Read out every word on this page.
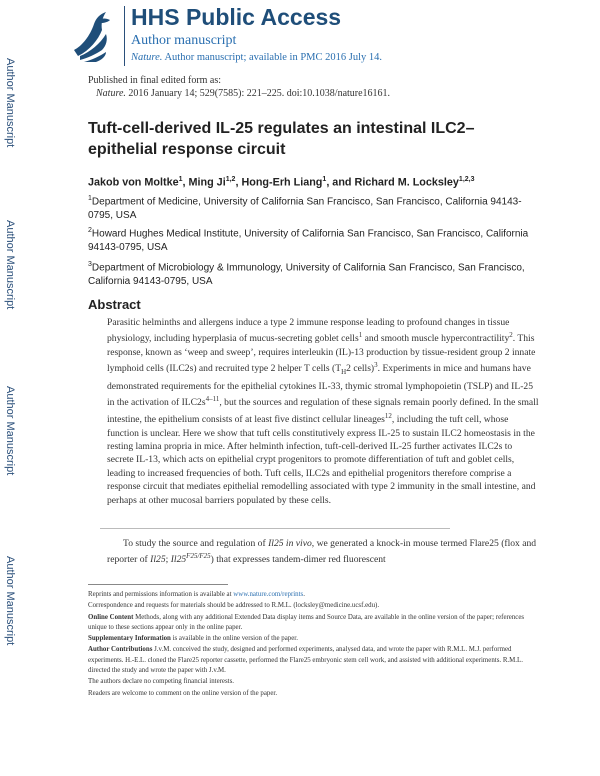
Author Manuscript
Author Manuscript
Author Manuscript
Author Manuscript
HHS Public Access
Author manuscript
Nature. Author manuscript; available in PMC 2016 July 14.
Published in final edited form as:
Nature. 2016 January 14; 529(7585): 221–225. doi:10.1038/nature16161.
Tuft-cell-derived IL-25 regulates an intestinal ILC2–epithelial response circuit
Jakob von Moltke$^1$, Ming Ji$^{1,2}$, Hong-Erh Liang$^1$, and Richard M. Locksley$^{1,2,3}$
$^1$Department of Medicine, University of California San Francisco, San Francisco, California 94143-0795, USA
$^2$Howard Hughes Medical Institute, University of California San Francisco, San Francisco, California 94143-0795, USA
$^3$Department of Microbiology & Immunology, University of California San Francisco, San Francisco, California 94143-0795, USA
Abstract
Parasitic helminths and allergens induce a type 2 immune response leading to profound changes in tissue physiology, including hyperplasia of mucus-secreting goblet cells$^1$ and smooth muscle hypercontractility$^2$. This response, known as ‘weep and sweep’, requires interleukin (IL)-13 production by tissue-resident group 2 innate lymphoid cells (ILC2s) and recruited type 2 helper T cells ($T_H2$ cells)$^3$. Experiments in mice and humans have demonstrated requirements for the epithelial cytokines IL-33, thymic stromal lymphopoietin (TSLP) and IL-25 in the activation of $ILC2s^{4-11}$, but the sources and regulation of these signals remain poorly defined. In the small intestine, the epithelium consists of at least five distinct cellular lineages$^{12}$, including the tuft cell, whose function is unclear. Here we show that tuft cells constitutively express IL-25 to sustain ILC2 homeostasis in the resting lamina propria in mice. After helminth infection, tuft-cell-derived IL-25 further activates ILC2s to secrete IL-13, which acts on epithelial crypt progenitors to promote differentiation of tuft and goblet cells, leading to increased frequencies of both. Tuft cells, ILC2s and epithelial progenitors therefore comprise a response circuit that mediates epithelial remodelling associated with type 2 immunity in the small intestine, and perhaps at other mucosal barriers populated by these cells.
To study the source and regulation of Il25 in vivo, we generated a knock-in mouse termed Flare25 (flox and reporter of Il25; $Il25^{F25/F25}$) that expresses tandem-dimer red fluorescent

Reprints and permissions information is available at www.nature.com/reprints.

Correspondence and requests for materials should be addressed to R.M.L. (locksley@medicine.ucsf.edu).

Online Content Methods, along with any additional Extended Data display items and Source Data, are available in the online version of the paper; references unique to these sections appear only in the online paper.

Supplementary Information is available in the online version of the paper.

Author Contributions J.v.M. conceived the study, designed and performed experiments, analysed data, and wrote the paper with R.M.L. M.J. performed experiments. H.-E.L. cloned the Flare25 reporter cassette, performed the Flare25 embryonic stem cell work, and assisted with additional experiments. R.M.L. directed the study and wrote the paper with J.v.M.

The authors declare no competing financial interests.

Readers are welcome to comment on the online version of the paper.
